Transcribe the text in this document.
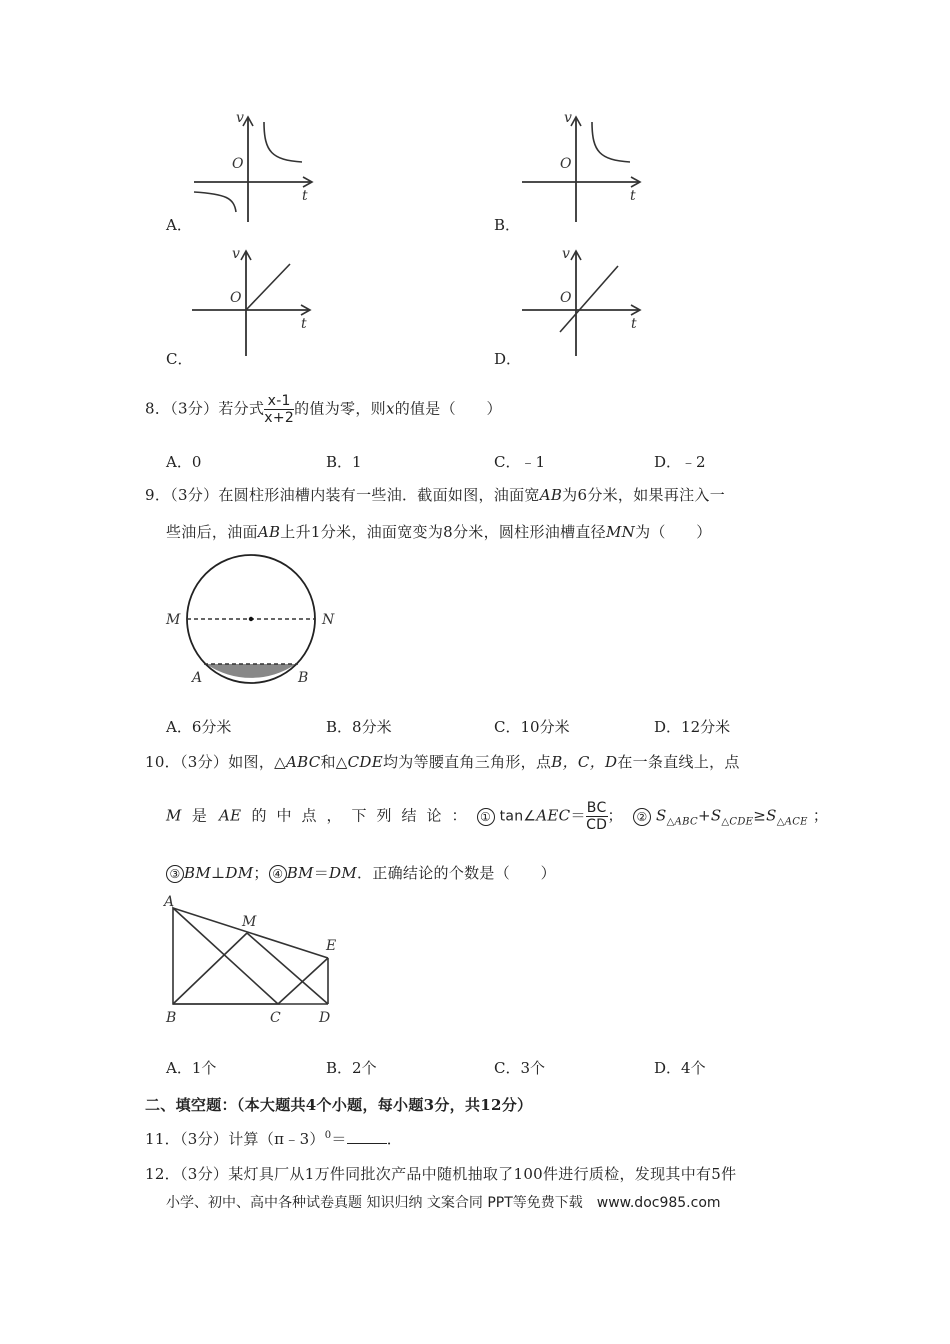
v
O
t
A．
v
O
t
B．
v
O
t
C．
v
O
t
D．
8．（3分）若分式 $\frac{x-1}{x+2}$ 的值为零，则x的值是（　　）
A．0	B．1	C．﹣1	D．﹣2
9．（3分）在圆柱形油槽内装有一些油．截面如图，油面宽AB为6分米，如果再注入一
些油后，油面AB上升1分米，油面宽变为8分米，圆柱形油槽直径MN为（　　）
M	N
A	B
A．6分米	B．8分米	C．10分米	D．12分米
10．（3分）如图，△ABC和△CDE均为等腰直角三角形，点B，C，D在一条直线上，点
M 是 AE 的中点，下列结论： ① tan∠AEC＝ $\frac{BC}{CD}$ ； ② $S_{\triangle ABC}+S_{\triangle CDE}\ge S_{\triangle ACE}$ ；
③ BM⊥DM； ④ BM＝DM．正确结论的个数是（　　）
A
M
E
B	C	D
A．1个	B．2个	C．3个	D．4个
二、填空题：（本大题共4个小题，每小题3分，共12分）
11．（3分）计算（π﹣3）$^0$＝	．
12．（3分）某灯具厂从1万件同批次产品中随机抽取了100件进行质检，发现其中有5件
小学、初中、高中各种试卷真题 知识归纳 文案合同 PPT等免费下载　www.doc985.com
